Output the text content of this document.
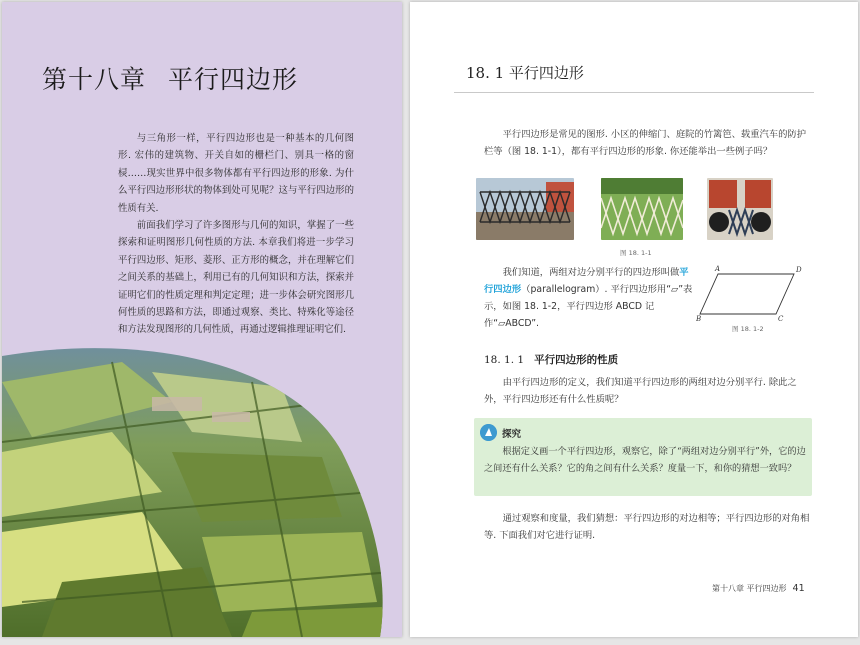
第十八章 平行四边形

与三角形一样，平行四边形也是一种基本的几何图形. 宏伟的建筑物、开关自如的栅栏门、别具一格的窗棂……现实世界中很多物体都有平行四边形的形象. 为什么平行四边形形状的物体到处可见呢？这与平行四边形的性质有关.

前面我们学习了许多图形与几何的知识，掌握了一些探索和证明图形几何性质的方法. 本章我们将进一步学习平行四边形、矩形、菱形、正方形的概念，并在理解它们之间关系的基础上，利用已有的几何知识和方法，探索并证明它们的性质定理和判定定理；进一步体会研究图形几何性质的思路和方法，即通过观察、类比、特殊化等途径和方法发现图形的几何性质，再通过逻辑推理证明它们.

18. 1 平行四边形

平行四边形是常见的图形. 小区的伸缩门、庭院的竹篱笆、载重汽车的防护栏等（图 18. 1-1），都有平行四边形的形象. 你还能举出一些例子吗？

图 18. 1-1

我们知道，两组对边分别平行的四边形叫做平行四边形（parallelogram）. 平行四边形用“▱”表示，如图 18. 1-2，平行四边形 ABCD 记作“▱ABCD”.

A	D
B	C
图 18. 1-2
18. 1. 1 平行四边形的性质

由平行四边形的定义，我们知道平行四边形的两组对边分别平行. 除此之外，平行四边形还有什么性质呢？

探究

根据定义画一个平行四边形，观察它，除了“两组对边分别平行”外，它的边之间还有什么关系？它的角之间有什么关系？度量一下，和你的猜想一致吗？

通过观察和度量，我们猜想：平行四边形的对边相等；平行四边形的对角相等. 下面我们对它进行证明.

第十八章 平行四边形 41
